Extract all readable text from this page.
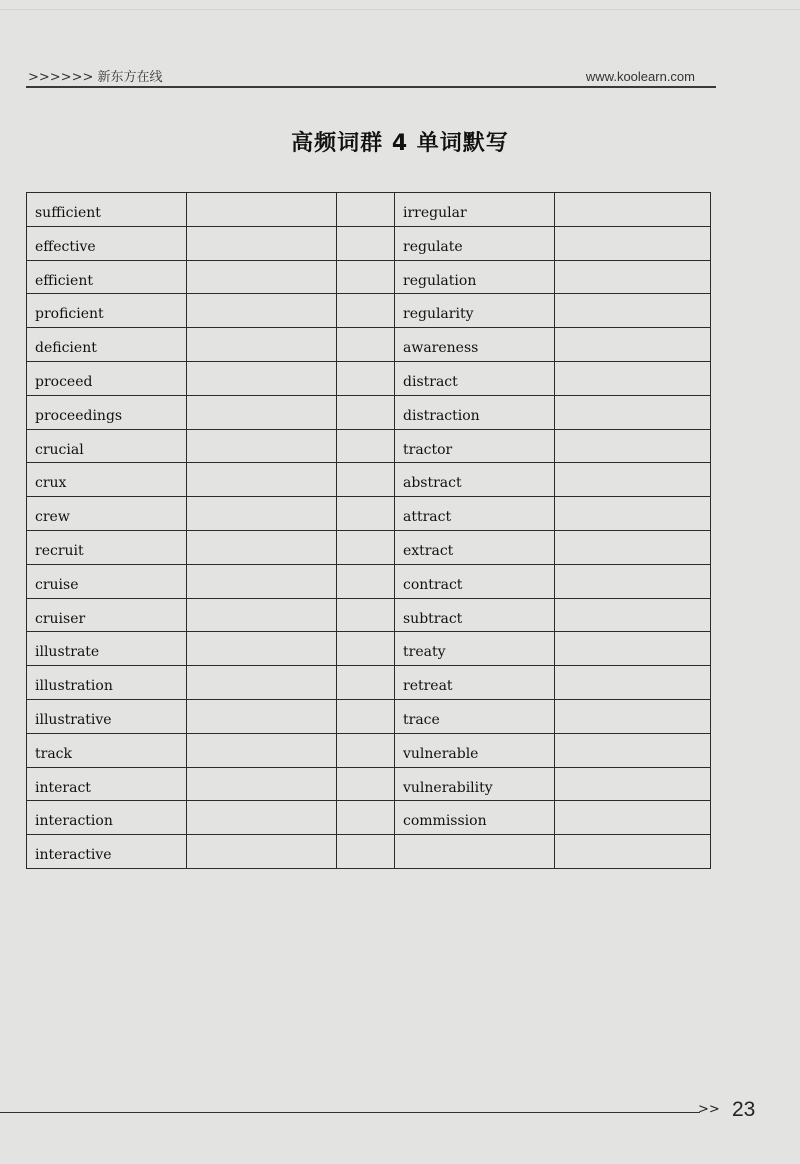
>>>>>> 新东方在线	www.koolearn.com
高频词群 4 单词默写
sufficient			irregular	

effective			regulate	

efficient			regulation	

proficient			regularity	

deficient			awareness	

proceed			distract	

proceedings			distraction	

crucial			tractor	

crux			abstract	

crew			attract	

recruit			extract	

cruise			contract	

cruiser			subtract	

illustrate			treaty	

illustration			retreat	

illustrative			trace	

track			vulnerable	

interact			vulnerability	

interaction			commission	

interactive				

>> 23
